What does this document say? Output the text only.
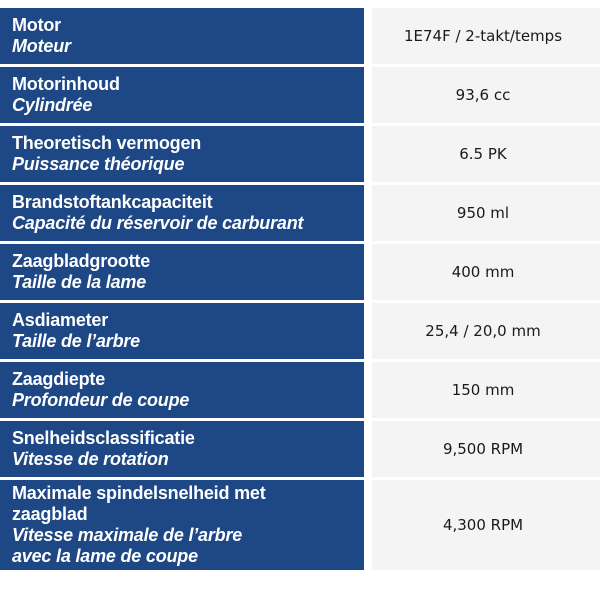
Motor
Moteur	1E74F / 2-takt/temps
Motorinhoud
Cylindrée	93,6 cc
Theoretisch vermogen
Puissance théorique	6.5 PK
Brandstoftankcapaciteit
Capacité du réservoir de carburant	950 ml
Zaagbladgrootte
Taille de la lame	400 mm
Asdiameter
Taille de l’arbre	25,4 / 20,0 mm
Zaagdiepte
Profondeur de coupe	150 mm
Snelheidsclassificatie
Vitesse de rotation	9,500 RPM
Maximale spindelsnelheid met zaagblad
Vitesse maximale de l’arbre avec la lame de coupe
4,300 RPM
